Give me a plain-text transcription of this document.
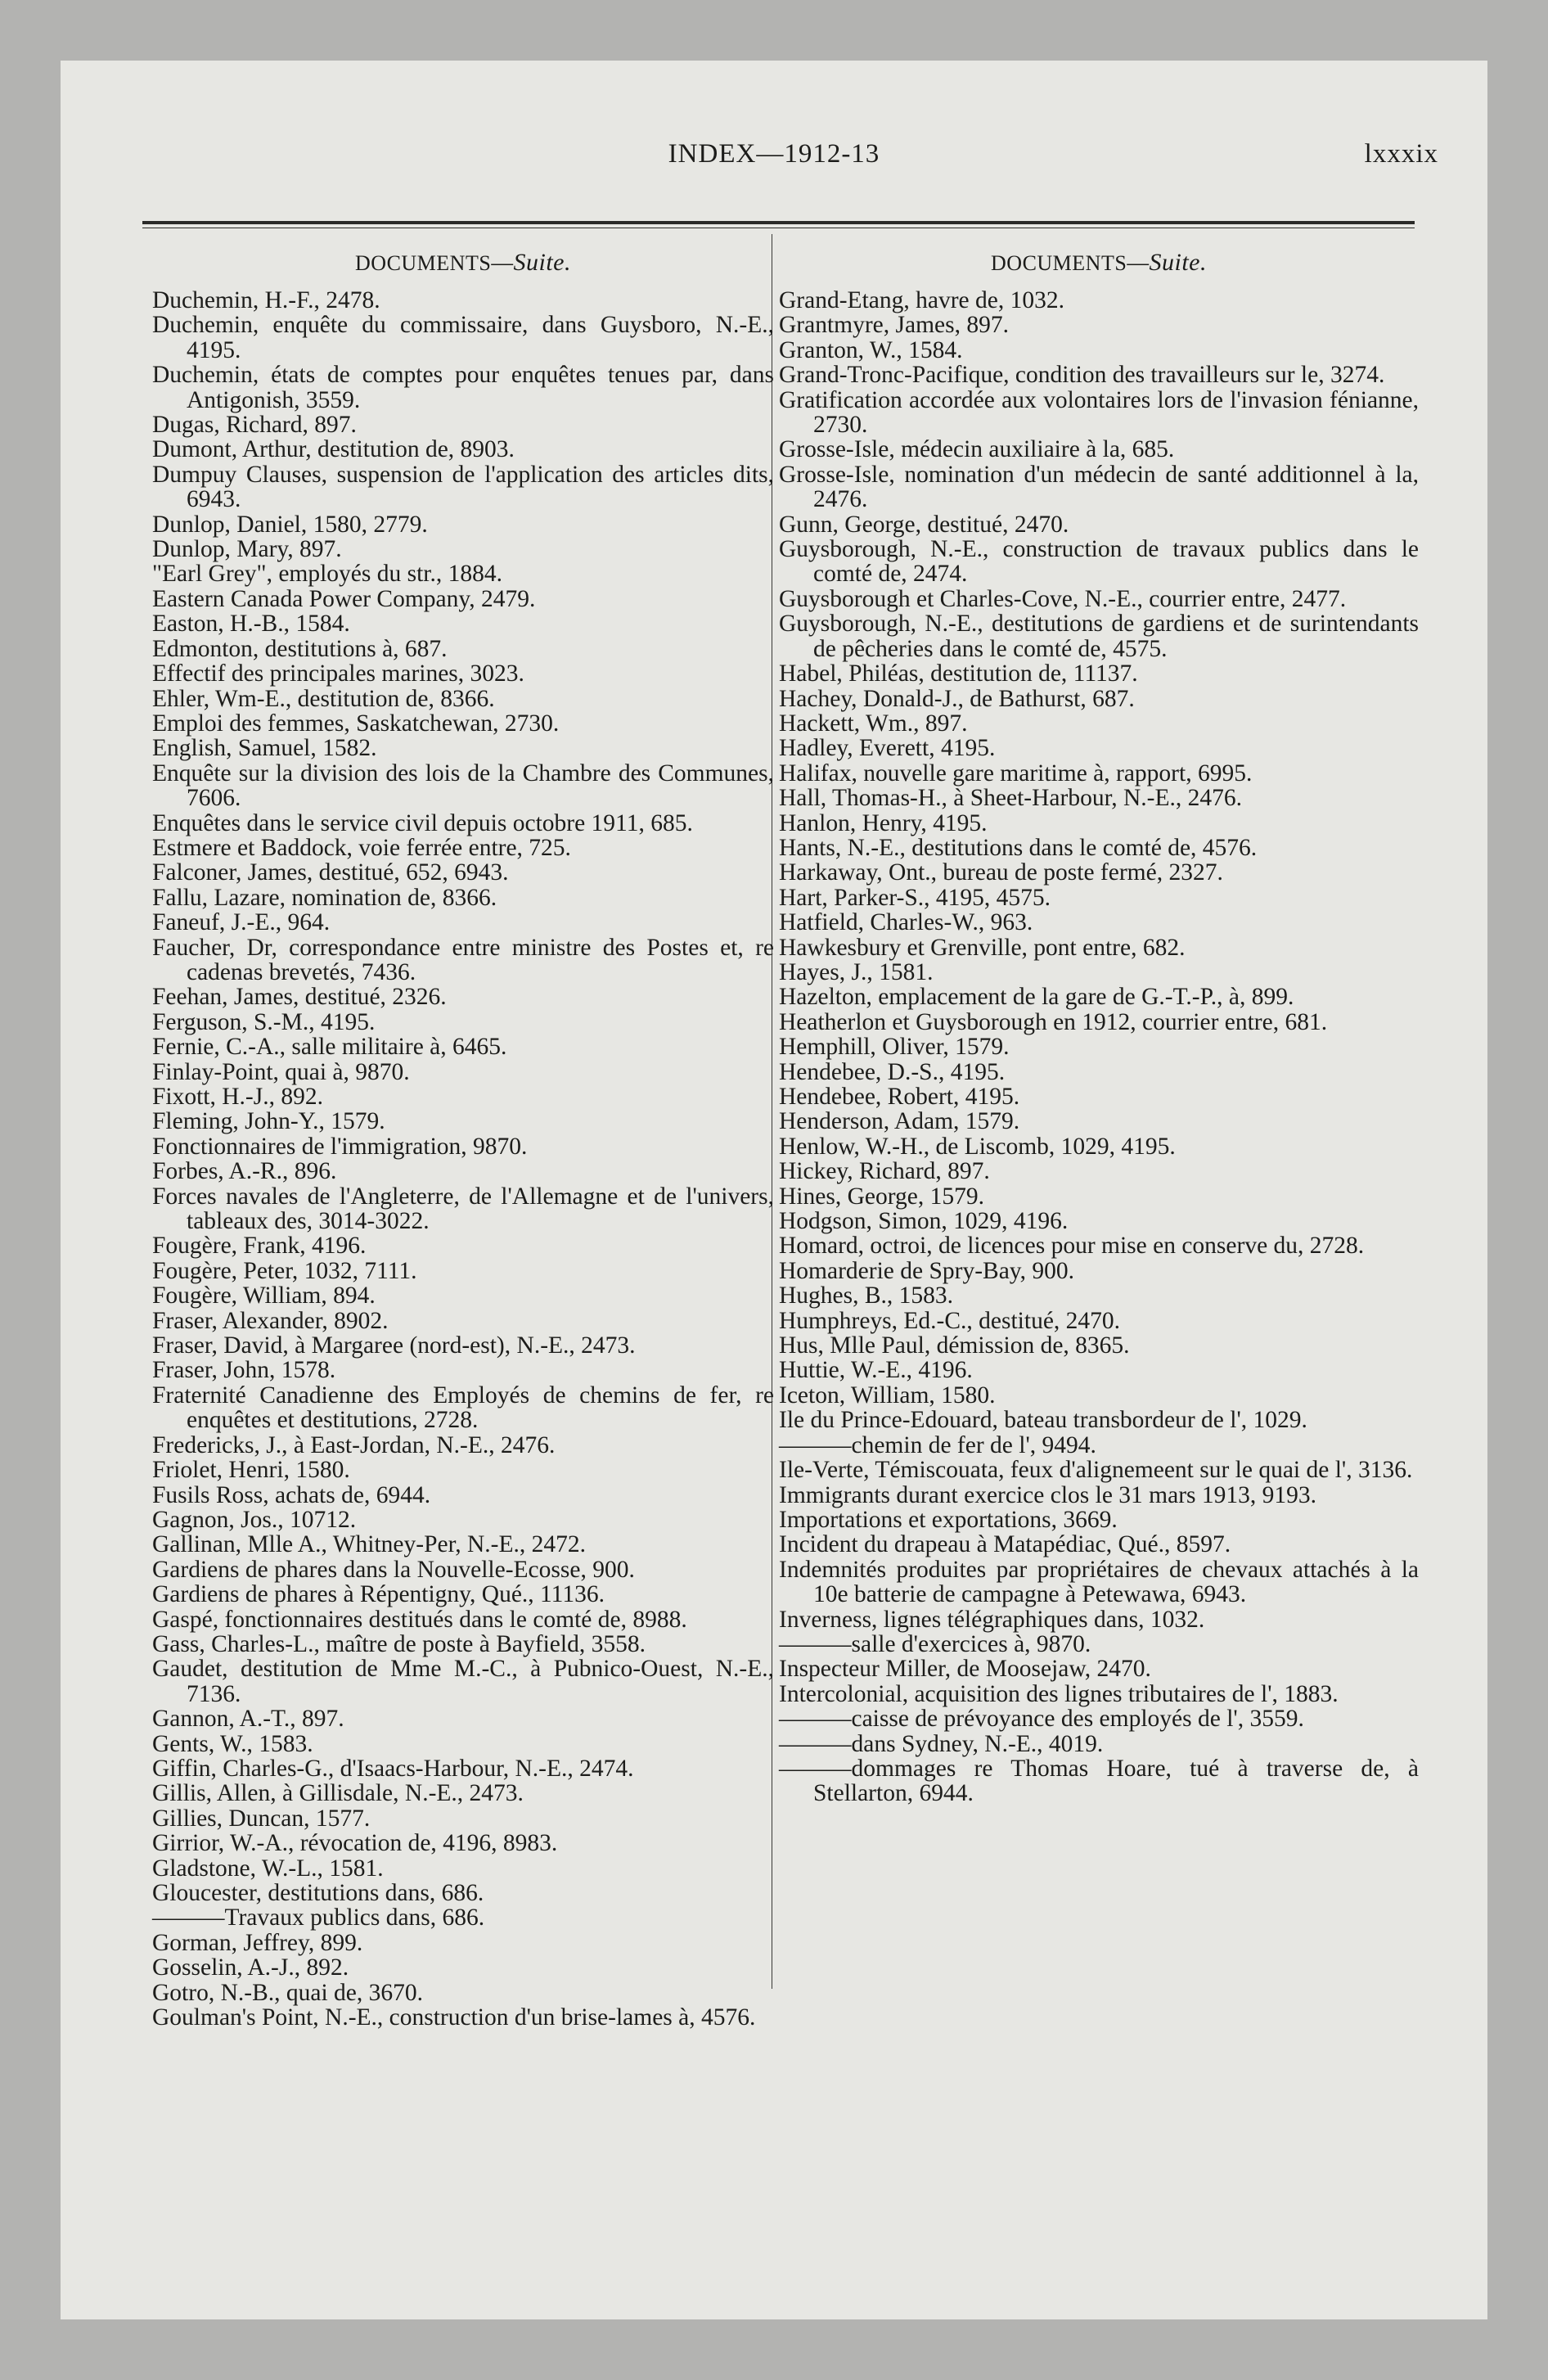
INDEX—1912-13	lxxxix
DOCUMENTS—Suite.
Duchemin, H.-F., 2478.
Duchemin, enquête du commissaire, dans Guysboro, N.-E., 4195.
Duchemin, états de comptes pour enquêtes tenues par, dans Antigonish, 3559.
Dugas, Richard, 897.
Dumont, Arthur, destitution de, 8903.
Dumpuy Clauses, suspension de l'application des articles dits, 6943.
Dunlop, Daniel, 1580, 2779.
Dunlop, Mary, 897.
"Earl Grey", employés du str., 1884.
Eastern Canada Power Company, 2479.
Easton, H.-B., 1584.
Edmonton, destitutions à, 687.
Effectif des principales marines, 3023.
Ehler, Wm-E., destitution de, 8366.
Emploi des femmes, Saskatchewan, 2730.
English, Samuel, 1582.
Enquête sur la division des lois de la Chambre des Communes, 7606.
Enquêtes dans le service civil depuis octobre 1911, 685.
Estmere et Baddock, voie ferrée entre, 725.
Falconer, James, destitué, 652, 6943.
Fallu, Lazare, nomination de, 8366.
Faneuf, J.-E., 964.
Faucher, Dr, correspondance entre ministre des Postes et, re cadenas brevetés, 7436.
Feehan, James, destitué, 2326.
Ferguson, S.-M., 4195.
Fernie, C.-A., salle militaire à, 6465.
Finlay-Point, quai à, 9870.
Fixott, H.-J., 892.
Fleming, John-Y., 1579.
Fonctionnaires de l'immigration, 9870.
Forbes, A.-R., 896.
Forces navales de l'Angleterre, de l'Allemagne et de l'univers, tableaux des, 3014-3022.
Fougère, Frank, 4196.
Fougère, Peter, 1032, 7111.
Fougère, William, 894.
Fraser, Alexander, 8902.
Fraser, David, à Margaree (nord-est), N.-E., 2473.
Fraser, John, 1578.
Fraternité Canadienne des Employés de chemins de fer, re enquêtes et destitutions, 2728.
Fredericks, J., à East-Jordan, N.-E., 2476.
Friolet, Henri, 1580.
Fusils Ross, achats de, 6944.
Gagnon, Jos., 10712.
Gallinan, Mlle A., Whitney-Per, N.-E., 2472.
Gardiens de phares dans la Nouvelle-Ecosse, 900.
Gardiens de phares à Répentigny, Qué., 11136.
Gaspé, fonctionnaires destitués dans le comté de, 8988.
Gass, Charles-L., maître de poste à Bayfield, 3558.
Gaudet, destitution de Mme M.-C., à Pubnico-Ouest, N.-E., 7136.
Gannon, A.-T., 897.
Gents, W., 1583.
Giffin, Charles-G., d'Isaacs-Harbour, N.-E., 2474.
Gillis, Allen, à Gillisdale, N.-E., 2473.
Gillies, Duncan, 1577.
Girrior, W.-A., révocation de, 4196, 8983.
Gladstone, W.-L., 1581.
Gloucester, destitutions dans, 686.
———Travaux publics dans, 686.
Gorman, Jeffrey, 899.
Gosselin, A.-J., 892.
Gotro, N.-B., quai de, 3670.
Goulman's Point, N.-E., construction d'un brise-lames à, 4576.
DOCUMENTS—Suite.
Grand-Etang, havre de, 1032.
Grantmyre, James, 897.
Granton, W., 1584.
Grand-Tronc-Pacifique, condition des travailleurs sur le, 3274.
Gratification accordée aux volontaires lors de l'invasion fénianne, 2730.
Grosse-Isle, médecin auxiliaire à la, 685.
Grosse-Isle, nomination d'un médecin de santé additionnel à la, 2476.
Gunn, George, destitué, 2470.
Guysborough, N.-E., construction de travaux publics dans le comté de, 2474.
Guysborough et Charles-Cove, N.-E., courrier entre, 2477.
Guysborough, N.-E., destitutions de gardiens et de surintendants de pêcheries dans le comté de, 4575.
Habel, Philéas, destitution de, 11137.
Hachey, Donald-J., de Bathurst, 687.
Hackett, Wm., 897.
Hadley, Everett, 4195.
Halifax, nouvelle gare maritime à, rapport, 6995.
Hall, Thomas-H., à Sheet-Harbour, N.-E., 2476.
Hanlon, Henry, 4195.
Hants, N.-E., destitutions dans le comté de, 4576.
Harkaway, Ont., bureau de poste fermé, 2327.
Hart, Parker-S., 4195, 4575.
Hatfield, Charles-W., 963.
Hawkesbury et Grenville, pont entre, 682.
Hayes, J., 1581.
Hazelton, emplacement de la gare de G.-T.-P., à, 899.
Heatherlon et Guysborough en 1912, courrier entre, 681.
Hemphill, Oliver, 1579.
Hendebee, D.-S., 4195.
Hendebee, Robert, 4195.
Henderson, Adam, 1579.
Henlow, W.-H., de Liscomb, 1029, 4195.
Hickey, Richard, 897.
Hines, George, 1579.
Hodgson, Simon, 1029, 4196.
Homard, octroi, de licences pour mise en conserve du, 2728.
Homarderie de Spry-Bay, 900.
Hughes, B., 1583.
Humphreys, Ed.-C., destitué, 2470.
Hus, Mlle Paul, démission de, 8365.
Huttie, W.-E., 4196.
Iceton, William, 1580.
Ile du Prince-Edouard, bateau transbordeur de l', 1029.
———chemin de fer de l', 9494.
Ile-Verte, Témiscouata, feux d'alignemeent sur le quai de l', 3136.
Immigrants durant exercice clos le 31 mars 1913, 9193.
Importations et exportations, 3669.
Incident du drapeau à Matapédiac, Qué., 8597.
Indemnités produites par propriétaires de chevaux attachés à la 10e batterie de campagne à Petewawa, 6943.
Inverness, lignes télégraphiques dans, 1032.
———salle d'exercices à, 9870.
Inspecteur Miller, de Moosejaw, 2470.
Intercolonial, acquisition des lignes tributaires de l', 1883.
———caisse de prévoyance des employés de l', 3559.
———dans Sydney, N.-E., 4019.
———dommages re Thomas Hoare, tué à traverse de, à Stellarton, 6944.
